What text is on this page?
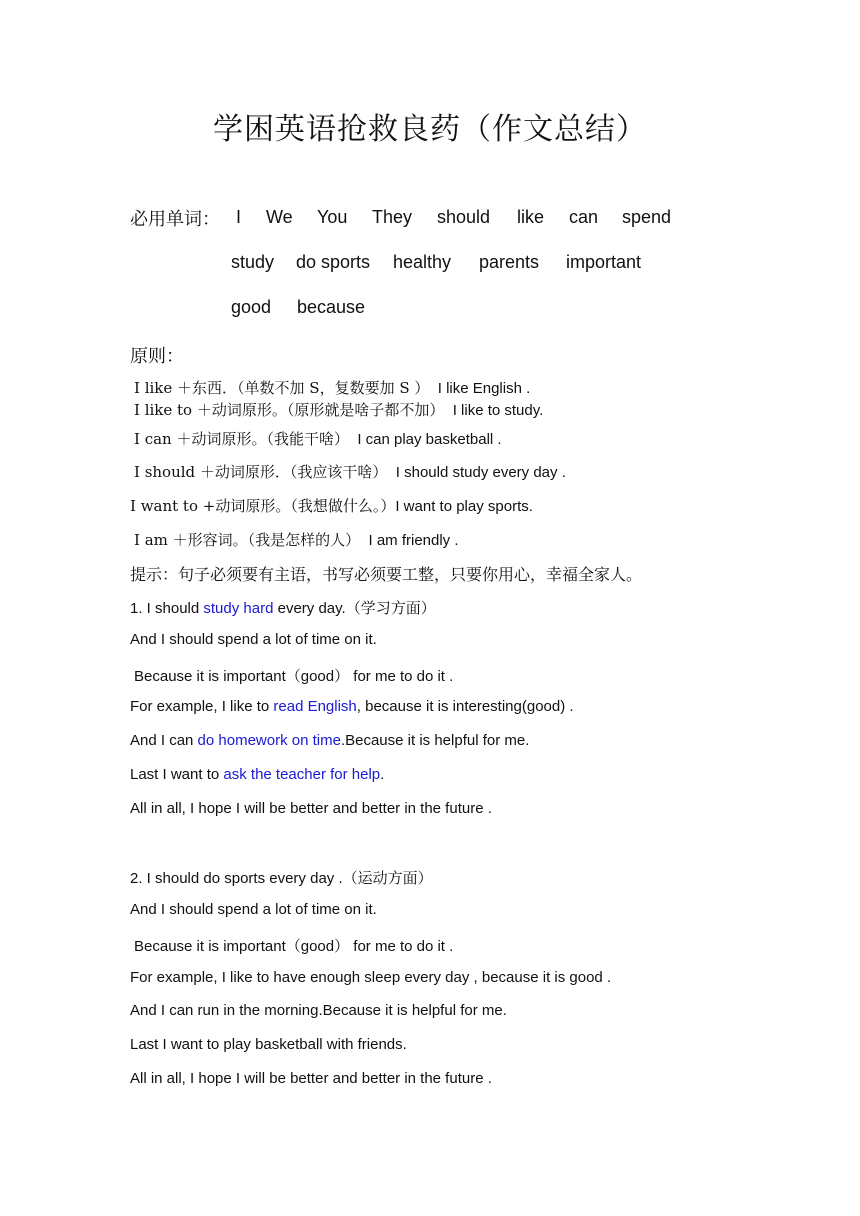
学困英语抢救良药（作文总结）
必用单词： I We You They should like can spend
study do sports healthy parents important
good because
原则：
I like ＋东西．（单数不加 S，复数要加 S ） I like English .
I like to ＋动词原形。（原形就是啥子都不加） I like to study.
I can ＋动词原形。（我能干啥） I can play basketball .
I should ＋动词原形．（我应该干啥） I should study every day .
I want to +动词原形。（我想做什么。）I want to play sports.
I am ＋形容词。（我是怎样的人） I am friendly .
提示：句子必须要有主语，书写必须要工整，只要你用心，幸福全家人。
1. I should study hard every day.（学习方面）
And I should spend a lot of time on it.
Because it is important（good） for me to do it .
For example, I like to read English, because it is interesting(good) .
And I can do homework on time.Because it is helpful for me.
Last I want to ask the teacher for help.
All in all, I hope I will be better and better in the future .
2. I should do sports every day .（运动方面）
And I should spend a lot of time on it.
Because it is important（good） for me to do it .
For example, I like to have enough sleep every day , because it is good .
And I can run in the morning.Because it is helpful for me.
Last I want to play basketball with friends.
All in all, I hope I will be better and better in the future .
